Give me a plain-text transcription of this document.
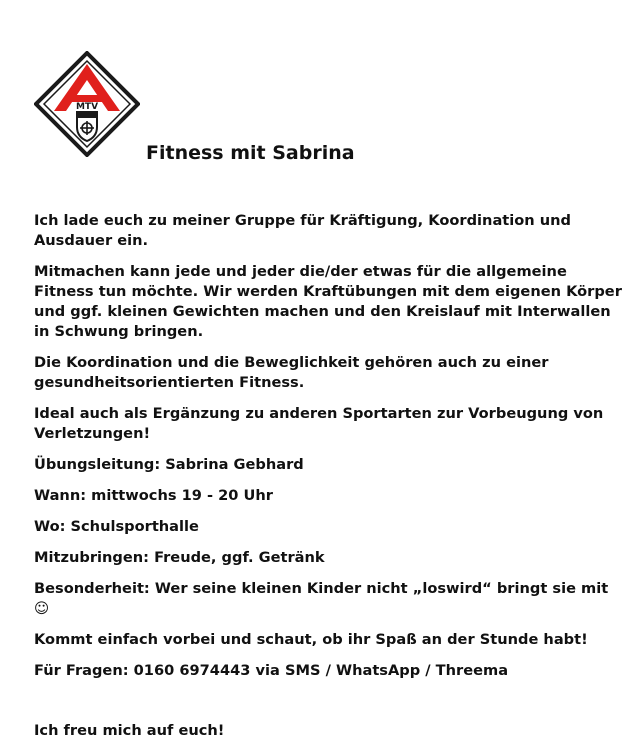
MTV
Fitness mit Sabrina

Ich lade euch zu meiner Gruppe für Kräftigung, Koordination und Ausdauer ein.

Mitmachen kann jede und jeder die/der etwas für die allgemeine Fitness tun möchte. Wir werden Kraftübungen mit dem eigenen Körper und ggf. kleinen Gewichten machen und den Kreislauf mit Interwallen in Schwung bringen.

Die Koordination und die Beweglichkeit gehören auch zu einer gesundheitsorientierten Fitness.

Ideal auch als Ergänzung zu anderen Sportarten zur Vorbeugung von Verletzungen!

Übungsleitung: Sabrina Gebhard

Wann: mittwochs 19 - 20 Uhr

Wo: Schulsporthalle

Mitzubringen: Freude, ggf. Getränk

Besonderheit: Wer seine kleinen Kinder nicht „loswird“ bringt sie mit ☺

Kommt einfach vorbei und schaut, ob ihr Spaß an der Stunde habt!

Für Fragen: 0160 6974443 via SMS / WhatsApp / Threema

Ich freu mich auf euch!
